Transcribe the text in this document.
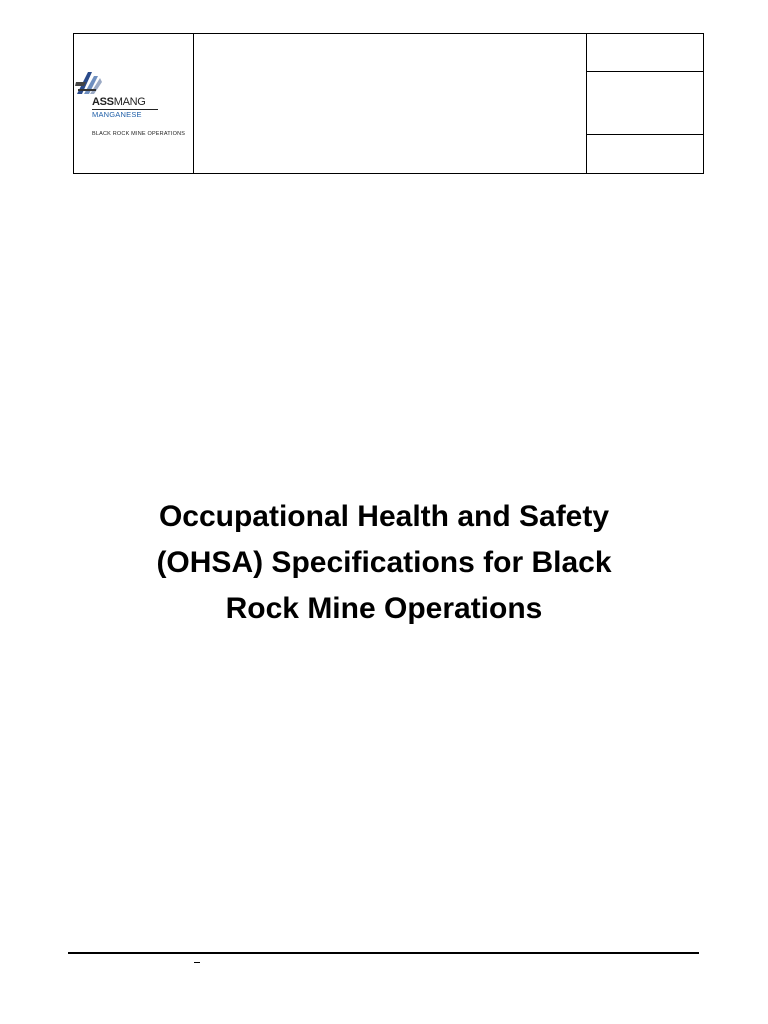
ASSMANG
MANGANESE
BLACK ROCK MINE OPERATIONS
Occupational Health and Safety
(OHSA) Specifications for Black
Rock Mine Operations
